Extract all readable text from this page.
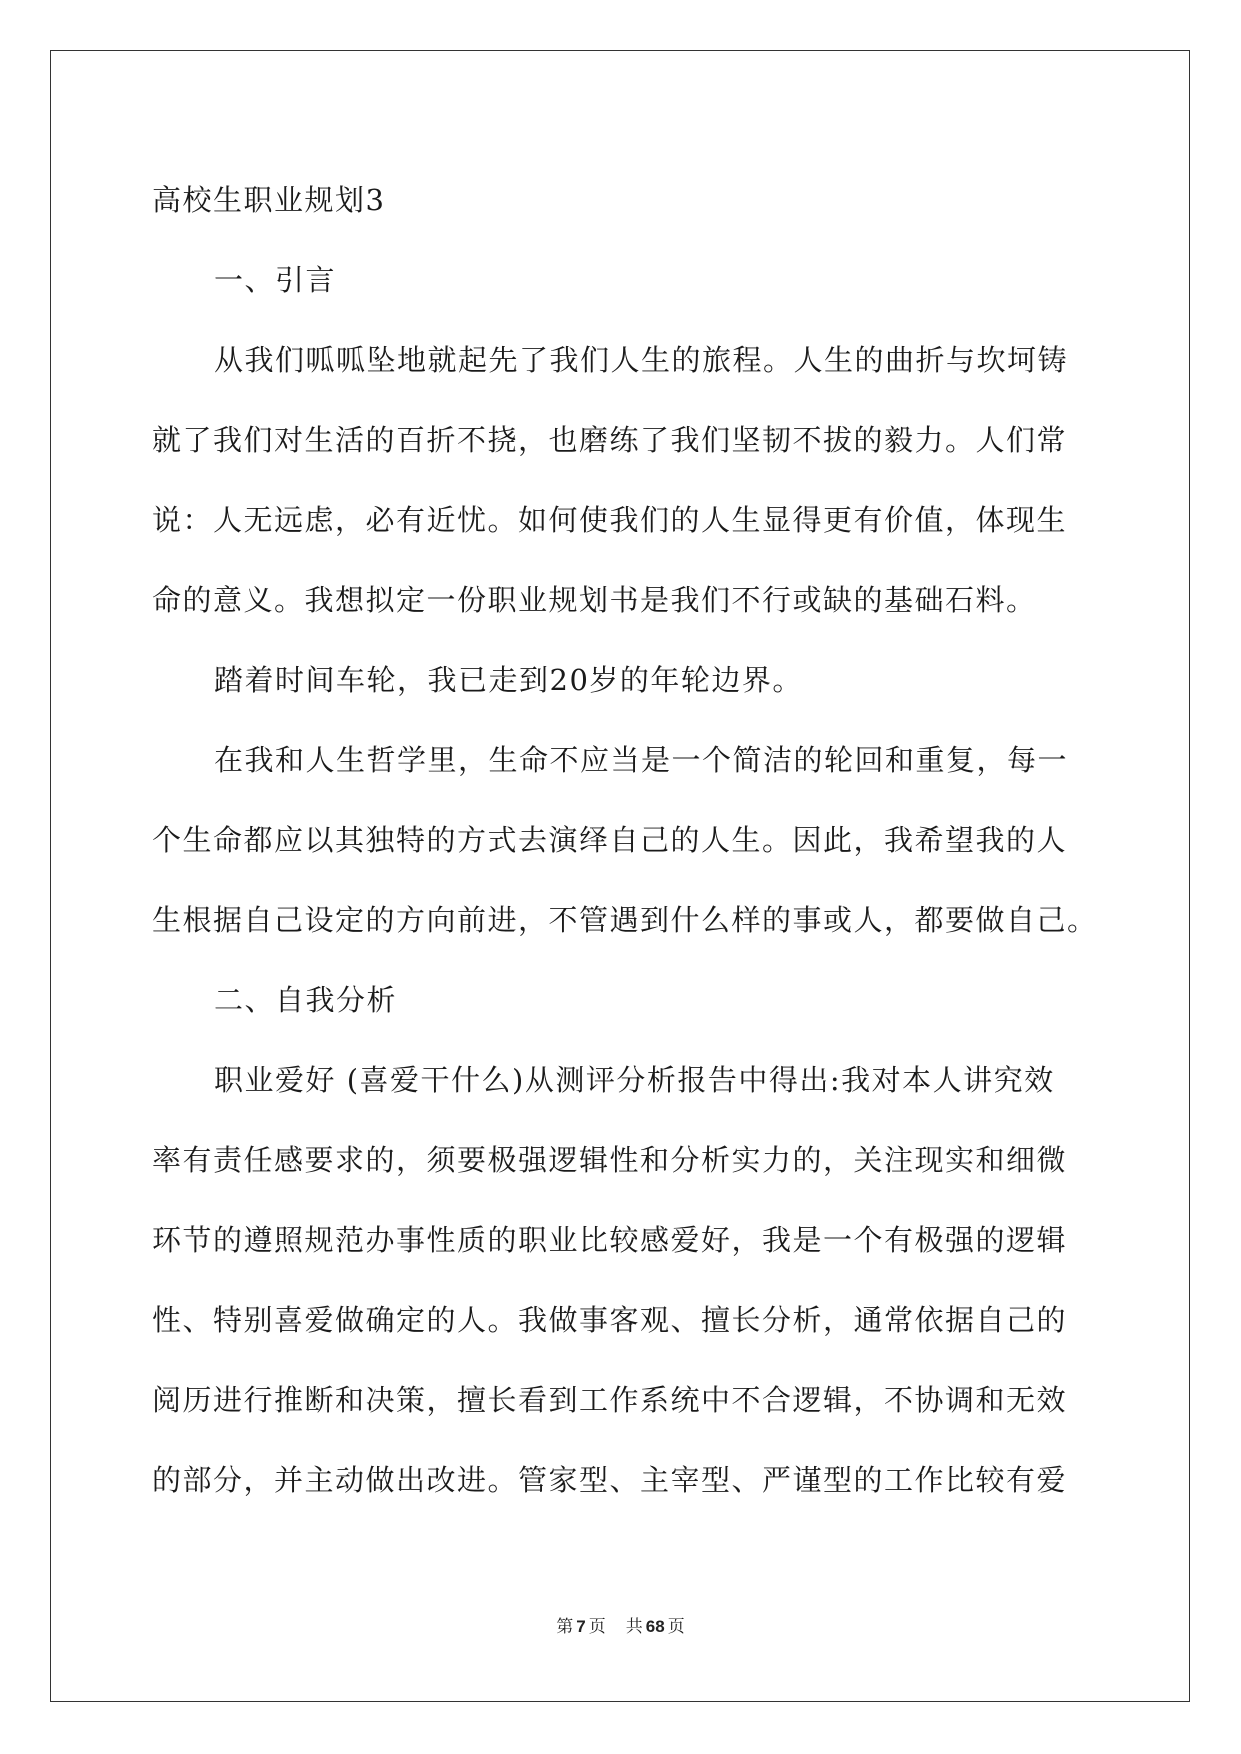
高校生职业规划3
一、引言
从我们呱呱坠地就起先了我们人生的旅程。人生的曲折与坎坷铸
就了我们对生活的百折不挠，也磨练了我们坚韧不拔的毅力。人们常
说：人无远虑，必有近忧。如何使我们的人生显得更有价值，体现生
命的意义。我想拟定一份职业规划书是我们不行或缺的基础石料。
踏着时间车轮，我已走到20岁的年轮边界。
在我和人生哲学里，生命不应当是一个简洁的轮回和重复，每一
个生命都应以其独特的方式去演绎自己的人生。因此，我希望我的人
生根据自己设定的方向前进，不管遇到什么样的事或人，都要做自己。
二、自我分析
职业爱好 (喜爱干什么)从测评分析报告中得出:我对本人讲究效
率有责任感要求的，须要极强逻辑性和分析实力的，关注现实和细微
环节的遵照规范办事性质的职业比较感爱好，我是一个有极强的逻辑
性、特别喜爱做确定的人。我做事客观、擅长分析，通常依据自己的
阅历进行推断和决策，擅长看到工作系统中不合逻辑，不协调和无效
的部分，并主动做出改进。管家型、主宰型、严谨型的工作比较有爱
第 7 页 共 68 页
